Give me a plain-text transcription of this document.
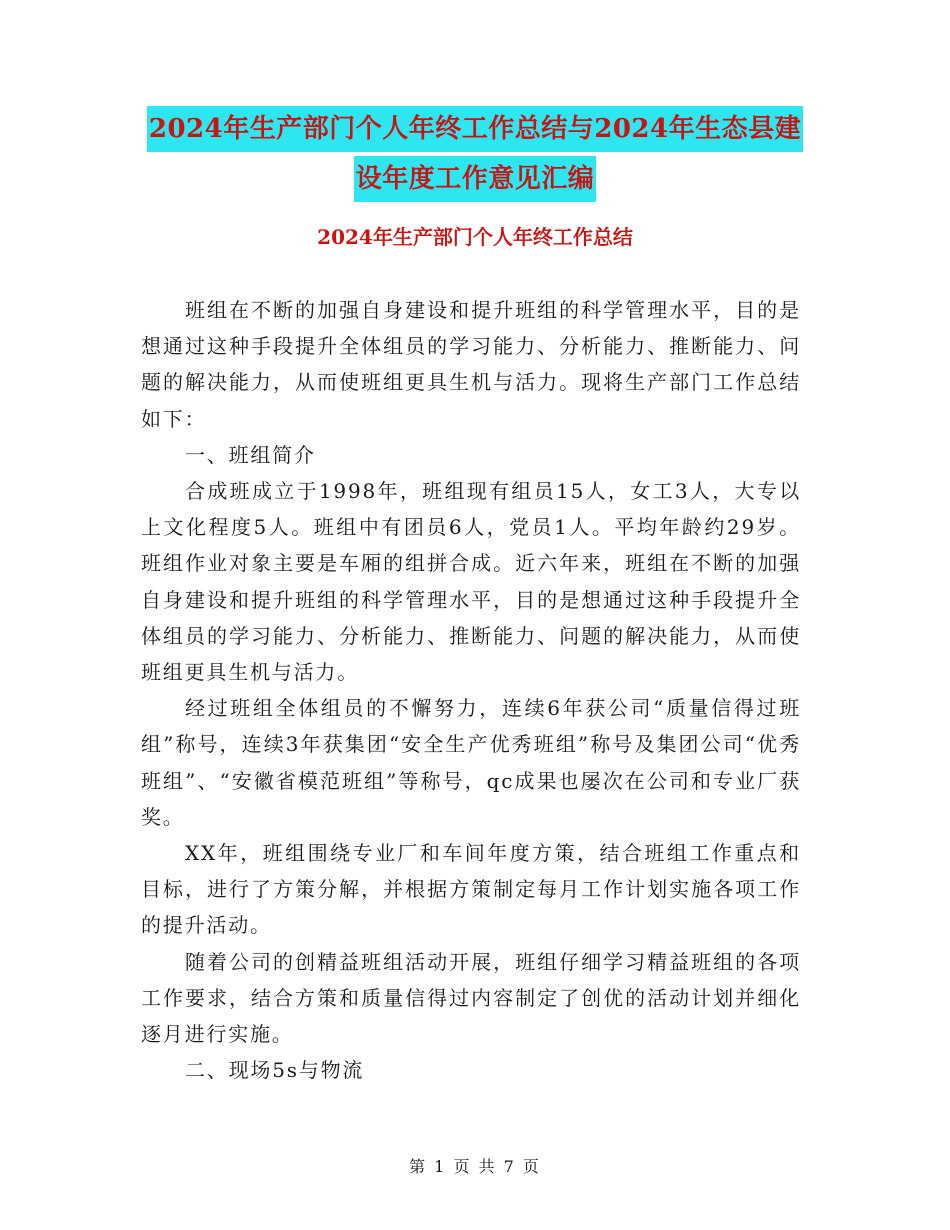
2024年生产部门个人年终工作总结与2024年生态县建
设年度工作意见汇编
2024年生产部门个人年终工作总结

班组在不断的加强自身建设和提升班组的科学管理水平，目的是想通过这种手段提升全体组员的学习能力、分析能力、推断能力、问题的解决能力，从而使班组更具生机与活力。现将生产部门工作总结如下：

一、班组简介

合成班成立于1998年，班组现有组员15人，女工3人，大专以上文化程度5人。班组中有团员6人，党员1人。平均年龄约29岁。班组作业对象主要是车厢的组拼合成。近六年来，班组在不断的加强自身建设和提升班组的科学管理水平，目的是想通过这种手段提升全体组员的学习能力、分析能力、推断能力、问题的解决能力，从而使班组更具生机与活力。

经过班组全体组员的不懈努力，连续6年获公司“质量信得过班组”称号，连续3年获集团“安全生产优秀班组”称号及集团公司“优秀班组”、“安徽省模范班组”等称号，qc成果也屡次在公司和专业厂获奖。

XX年，班组围绕专业厂和车间年度方策，结合班组工作重点和目标，进行了方策分解，并根据方策制定每月工作计划实施各项工作的提升活动。

随着公司的创精益班组活动开展，班组仔细学习精益班组的各项工作要求，结合方策和质量信得过内容制定了创优的活动计划并细化逐月进行实施。

二、现场5s与物流

第 1 页 共 7 页
